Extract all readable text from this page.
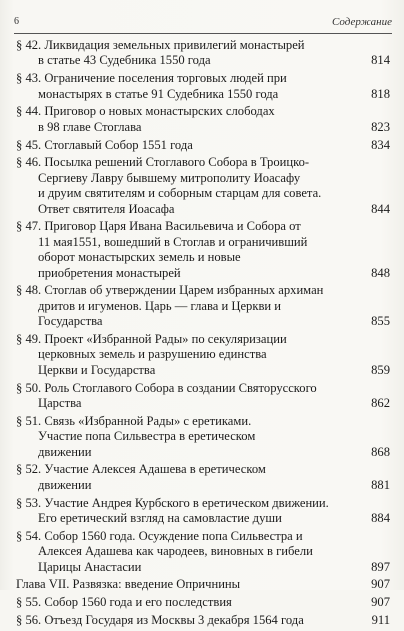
6	Содержание
§ 42. Ликвидация земельных привилегий монастырей
в статье 43 Судебника 1550 года	814
§ 43. Ограничение поселения торговых людей при
монастырях в статье 91 Судебника 1550 года	818
§ 44. Приговор о новых монастырских слободах
в 98 главе Стоглава	823
§ 45. Стоглавый Собор 1551 года	834
§ 46. Посылка решений Стоглавого Собора в Троицко-
Сергиеву Лавру бывшему митрополиту Иоасафу
и друим святителям и соборным старцам для совета.
Ответ святителя Иоасафа	844
§ 47. Приговор Царя Ивана Васильевича и Собора от
11 мая1551, вошедший в Стоглав и ограничивший
оборот монастырских земель и новые
приобретения монастырей	848
§ 48. Стоглав об утверждении Царем избранных архиман
дритов и игуменов. Царь — глава и Церкви и
Государства	855
§ 49. Проект «Избранной Рады» по секуляризации
церковных земель и разрушению единства
Церкви и Государства	859
§ 50. Роль Стоглавого Собора в создании Святорусского
Царства	862
§ 51. Связь «Избранной Рады» с еретиками.
Участие попа Сильвестра в еретическом
движении	868
§ 52. Участие Алексея Адашева в еретическом
движении	881
§ 53. Участие Андрея Курбского в еретическом движении.
Его еретический взгляд на самовластие души	884
§ 54. Собор 1560 года. Осуждение попа Сильвестра и
Алексея Адашева как чародеев, виновных в гибели
Царицы Анастасии	897
Глава VII. Развязка: введение Опричнины	907
§ 55. Собор 1560 года и его последствия	907
§ 56. Отъезд Государя из Москвы 3 декабря 1564 года	911
